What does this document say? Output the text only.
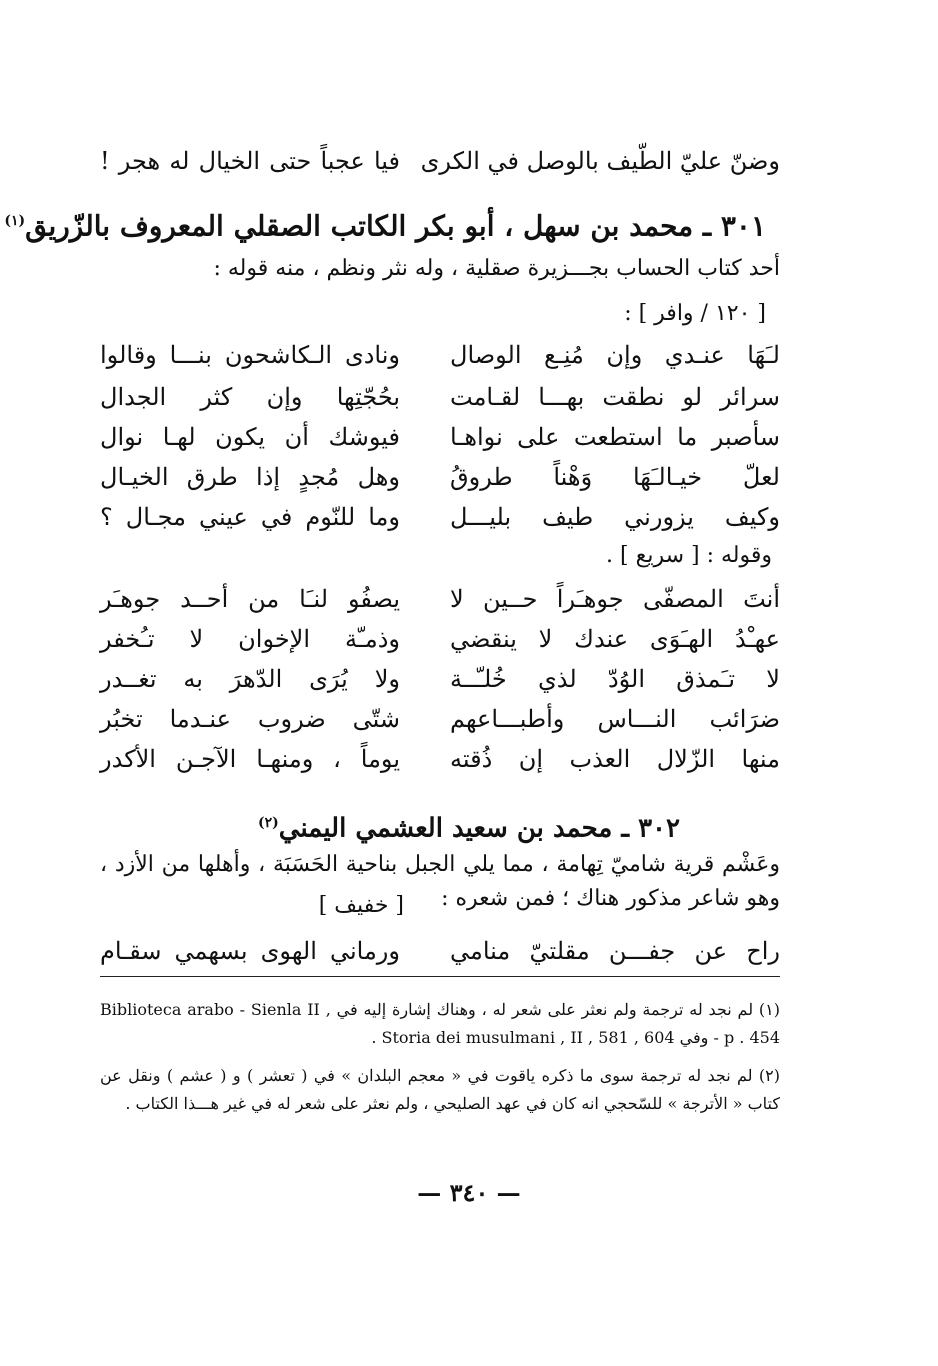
وضنّ عليّ الطّيف بالوصل في الكرى
فيا عجباً حتى الخيال له هجر !
٣٠١ ـ محمد بن سهل ، أبو بكر الكاتب الصقلي المعروف بالزّريق$^{(١)}$
أحد كتاب الحساب بجـــزيرة صقلية ، وله نثر ونظم ، منه قوله :
[ ١٢٠ / وافر ] :
لـَهَا عنـدي وإن مُنِـع الوصال
ونادى الـكاشحون بنـــا وقالوا
سرائر لو نطقت بهـــا لقـامت
بحُجّتِها وإن كثر الجدال
سأصبر ما استطعت على نواهـا
فيوشك أن يكون لهـا نوال
لعلّ خيـالـَهَا وَهْناً طروقُ
وهل مُجدٍ إذا طرق الخيـال
وكيف يزورني طيف بليـــل
وما للنّوم في عيني مجـال ؟
وقوله : [ سريع ] .
أنتَ المصفّى جوهـَراً حــين لا
يصفُو لنـَا من أحــد جوهـَر
عهـْدُ الهـَوَى عندك لا ينقضي
وذمـّة الإخوان لا تـُخفر
لا تـَمذق الوُدّ لذي خُلـّــة
ولا يُرَى الدّهرَ به تغــدر
ضرَائب النـــاس وأطبـــاعهم
شتّى ضروب عنـدما تخبُر
منها الزّلال العذب إن ذُقته
يوماً ، ومنهـا الآجـن الأكدر
٣٠٢ ـ محمد بن سعيد العشمي اليمني$^{(٢)}$
وعَشْم قرية شاميّ تِهامة ، مما يلي الجبل بناحية الحَسَبَة ، وأهلها من الأزد ، وهو شاعر مذكور هناك ؛ فمن شعره :
[ خفيف ]
راح عن جفـــن مقلتيّ منامي
ورماني الهوى بسهمي سقـام
(١) لم نجد له ترجمة ولم نعثر على شعر له ، وهناك إشارة إليه في Biblioteca arabo - Sienla II , p . 454 - وفي 604 , 581 , Storia dei musulmani , II .
(٢) لم نجد له ترجمة سوى ما ذكره ياقوت في « معجم البلدان » في ( تعشر ) و ( عشم ) ونقل عن كتاب « الأترجة » للسّحجي انه كان في عهد الصليحي ، ولم نعثر على شعر له في غير هـــذا الكتاب .
— ٣٤٠ —
